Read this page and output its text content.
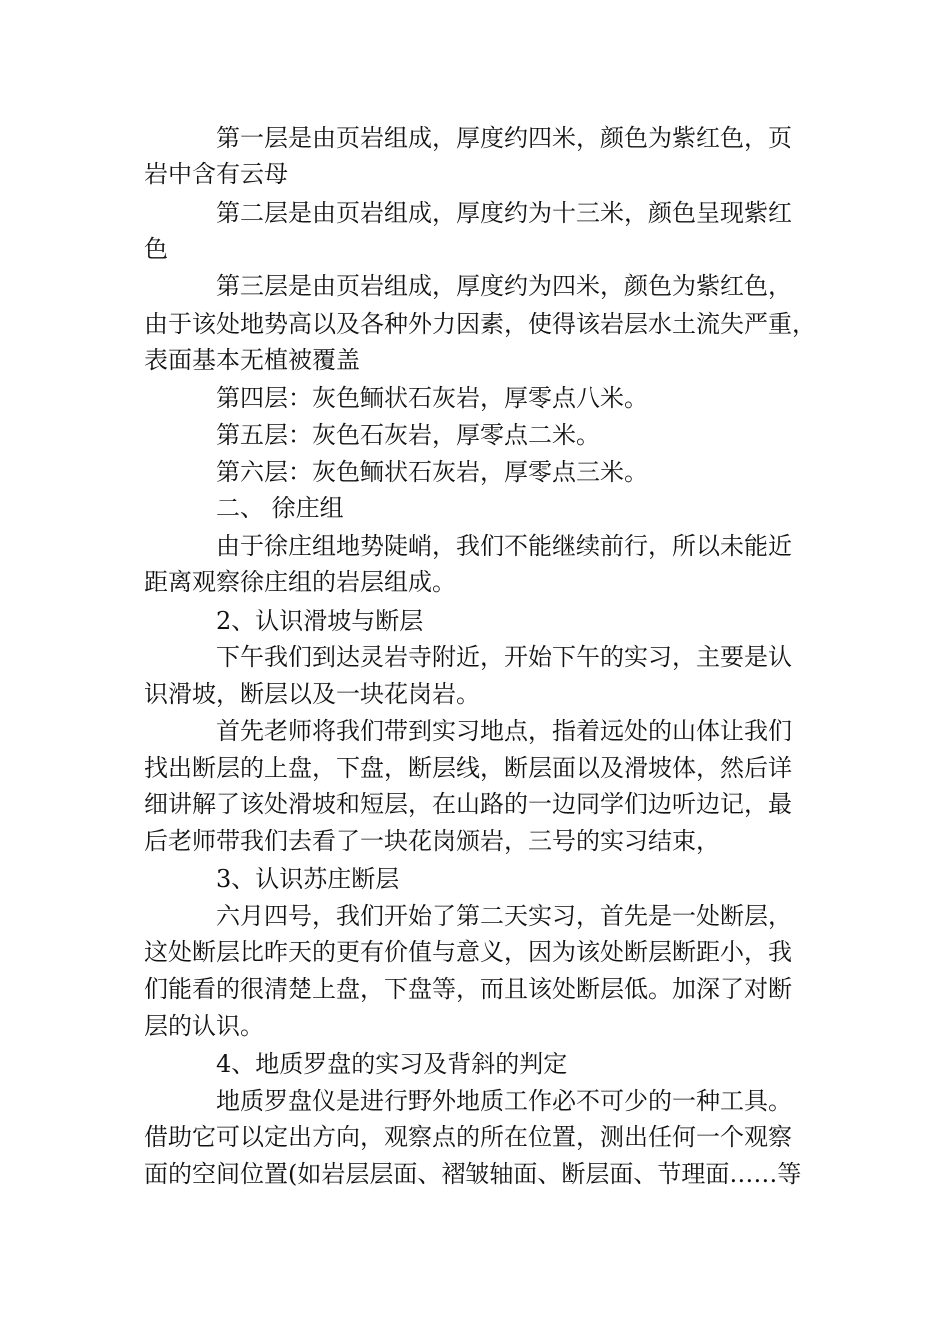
第一层是由页岩组成，厚度约四米，颜色为紫红色，页
岩中含有云母
第二层是由页岩组成，厚度约为十三米，颜色呈现紫红
色
第三层是由页岩组成，厚度约为四米，颜色为紫红色，
由于该处地势高以及各种外力因素，使得该岩层水土流失严重，
表面基本无植被覆盖
第四层：灰色鲕状石灰岩，厚零点八米。
第五层：灰色石灰岩，厚零点二米。
第六层：灰色鲕状石灰岩，厚零点三米。
二、 徐庄组
由于徐庄组地势陡峭，我们不能继续前行，所以未能近
距离观察徐庄组的岩层组成。
2、认识滑坡与断层
下午我们到达灵岩寺附近，开始下午的实习，主要是认
识滑坡，断层以及一块花岗岩。
首先老师将我们带到实习地点，指着远处的山体让我们
找出断层的上盘，下盘，断层线，断层面以及滑坡体，然后详
细讲解了该处滑坡和短层，在山路的一边同学们边听边记，最
后老师带我们去看了一块花岗颁岩，三号的实习结束，
3、认识苏庄断层
六月四号，我们开始了第二天实习，首先是一处断层，
这处断层比昨天的更有价值与意义，因为该处断层断距小，我
们能看的很清楚上盘，下盘等，而且该处断层低。加深了对断
层的认识。
4、地质罗盘的实习及背斜的判定
地质罗盘仪是进行野外地质工作必不可少的一种工具。
借助它可以定出方向，观察点的所在位置，测出任何一个观察
面的空间位置(如岩层层面、褶皱轴面、断层面、节理面……等
